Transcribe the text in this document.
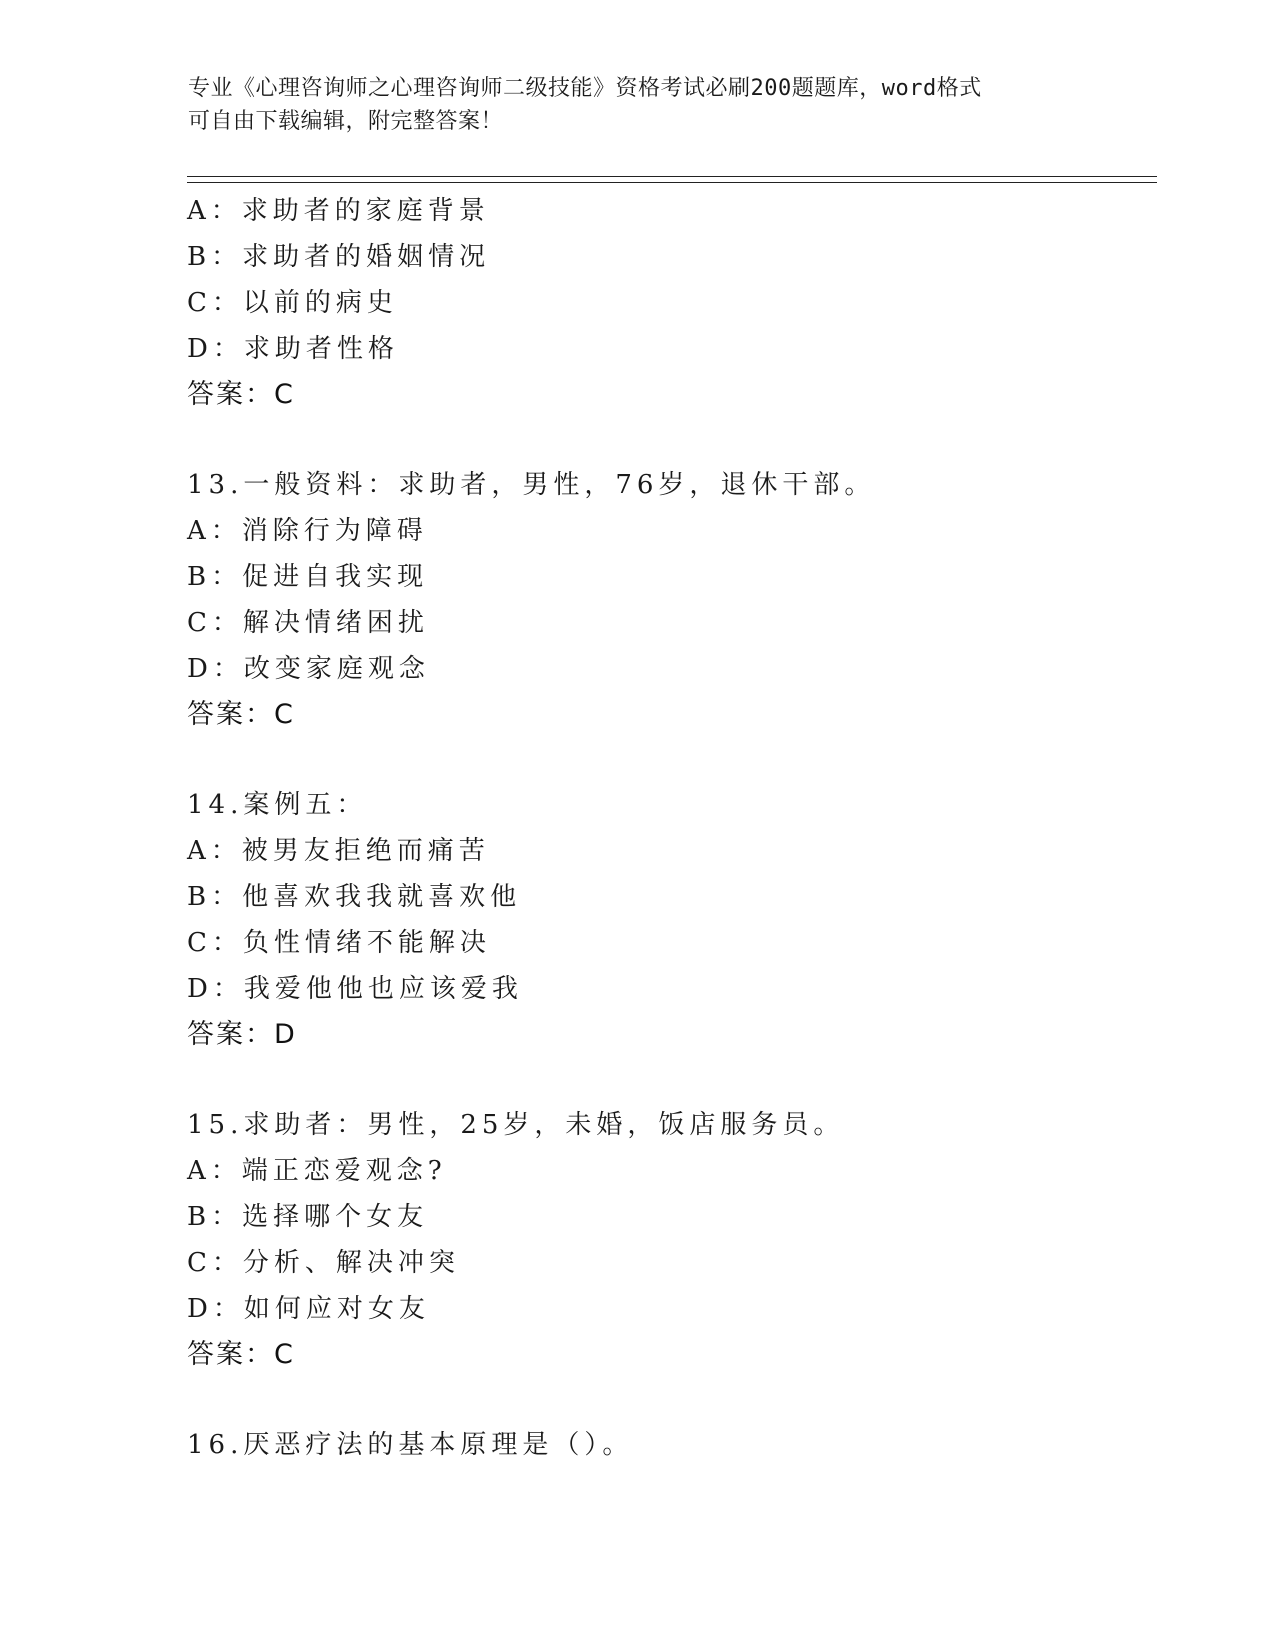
专业《心理咨询师之心理咨询师二级技能》资格考试必刷200题题库，word格式
可自由下载编辑，附完整答案！
A：求助者的家庭背景
B：求助者的婚姻情况
C：以前的病史
D：求助者性格
答案：C
13.一般资料：求助者，男性，76岁，退休干部。
A：消除行为障碍
B：促进自我实现
C：解决情绪困扰
D：改变家庭观念
答案：C
14.案例五：
A：被男友拒绝而痛苦
B：他喜欢我我就喜欢他
C：负性情绪不能解决
D：我爱他他也应该爱我
答案：D
15.求助者：男性，25岁，未婚，饭店服务员。
A：端正恋爱观念?
B：选择哪个女友
C：分析、解决冲突
D：如何应对女友
答案：C
16.厌恶疗法的基本原理是（）。
